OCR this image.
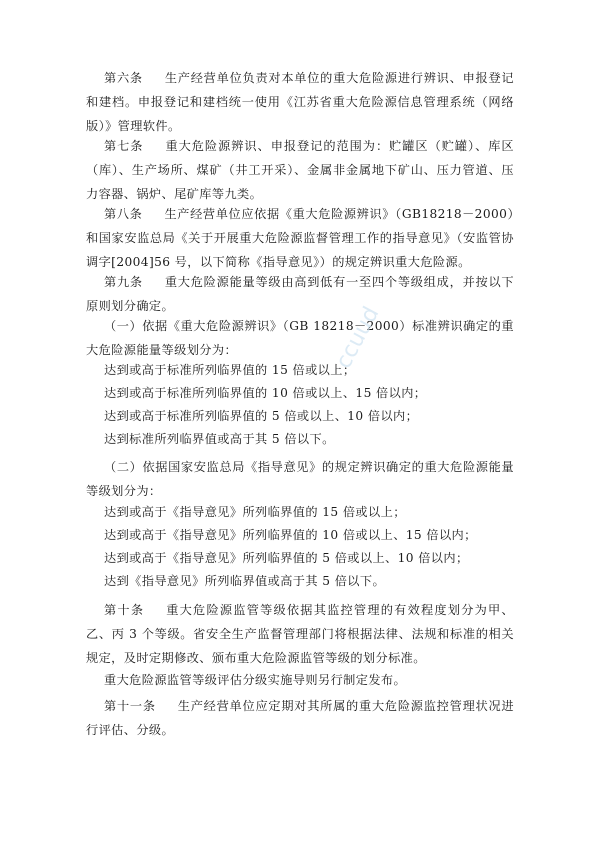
第六条 生产经营单位负责对本单位的重大危险源进行辨识、申报登记和建档。申报登记和建档统一使用《江苏省重大危险源信息管理系统（网络版）》管理软件。

第七条 重大危险源辨识、申报登记的范围为：贮罐区（贮罐）、库区（库）、生产场所、煤矿（井工开采）、金属非金属地下矿山、压力管道、压力容器、锅炉、尾矿库等九类。

第八条 生产经营单位应依据《重大危险源辨识》（GB18218－2000）和国家安监总局《关于开展重大危险源监督管理工作的指导意见》（安监管协调字[2004]56 号，以下简称《指导意见》）的规定辨识重大危险源。

第九条 重大危险源能量等级由高到低有一至四个等级组成，并按以下原则划分确定。

（一）依据《重大危险源辨识》（GB 18218－2000）标准辨识确定的重大危险源能量等级划分为：

达到或高于标准所列临界值的 15 倍或以上；

达到或高于标准所列临界值的 10 倍或以上、15 倍以内；

达到或高于标准所列临界值的 5 倍或以上、10 倍以内；

达到标准所列临界值或高于其 5 倍以下。

（二）依据国家安监总局《指导意见》的规定辨识确定的重大危险源能量等级划分为：

达到或高于《指导意见》所列临界值的 15 倍或以上；

达到或高于《指导意见》所列临界值的 10 倍或以上、15 倍以内；

达到或高于《指导意见》所列临界值的 5 倍或以上、10 倍以内；

达到《指导意见》所列临界值或高于其 5 倍以下。

第十条 重大危险源监管等级依据其监控管理的有效程度划分为甲、乙、丙 3 个等级。省安全生产监督管理部门将根据法律、法规和标准的相关规定，及时定期修改、颁布重大危险源监管等级的划分标准。

重大危险源监管等级评估分级实施导则另行制定发布。

第十一条 生产经营单位应定期对其所属的重大危险源监控管理状况进行评估、分级。

ccuud
